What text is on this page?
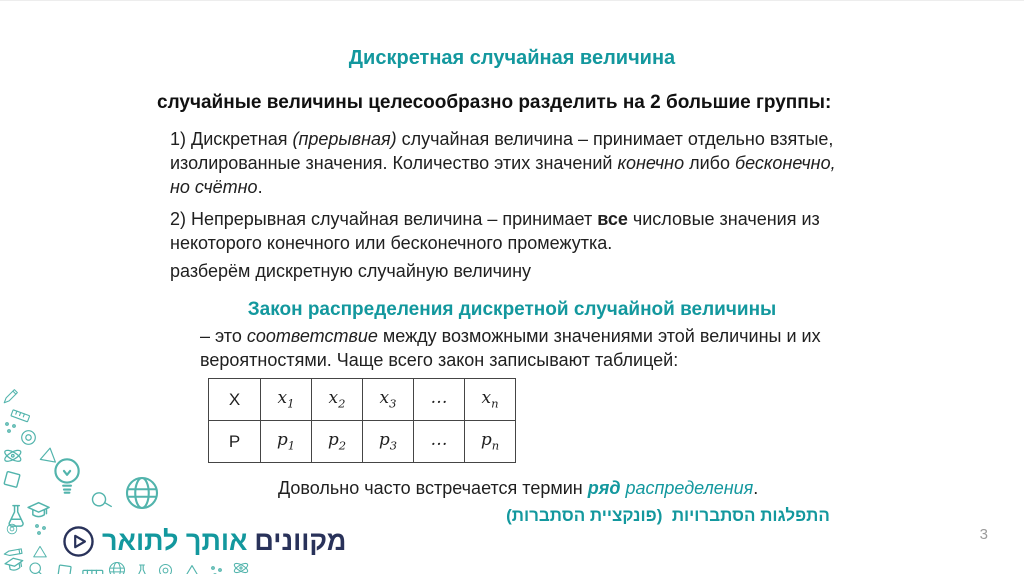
Дискретная случайная величина
случайные величины целесообразно разделить на 2 большие группы:
1) Дискретная (прерывная) случайная величина – принимает отдельно взятые, изолированные значения. Количество этих значений конечно либо бесконечно, но счётно.
2) Непрерывная случайная величина – принимает все числовые значения из некоторого конечного или бесконечного промежутка.
разберём дискретную случайную величину
Закон распределения дискретной случайной величины
– это соответствие между возможными значениями этой величины и их вероятностями. Чаще всего закон записывают таблицей:
X	$x_1$	$x_2$	$x_3$	…	$x_n$
P	$p_1$	$p_2$	$p_3$	…	$p_n$
Довольно часто встречается термин ряд распределения.
התפלגות הסתברויות  (פונקציית הסתברות)
מקוונים
אותך לתואר	3
